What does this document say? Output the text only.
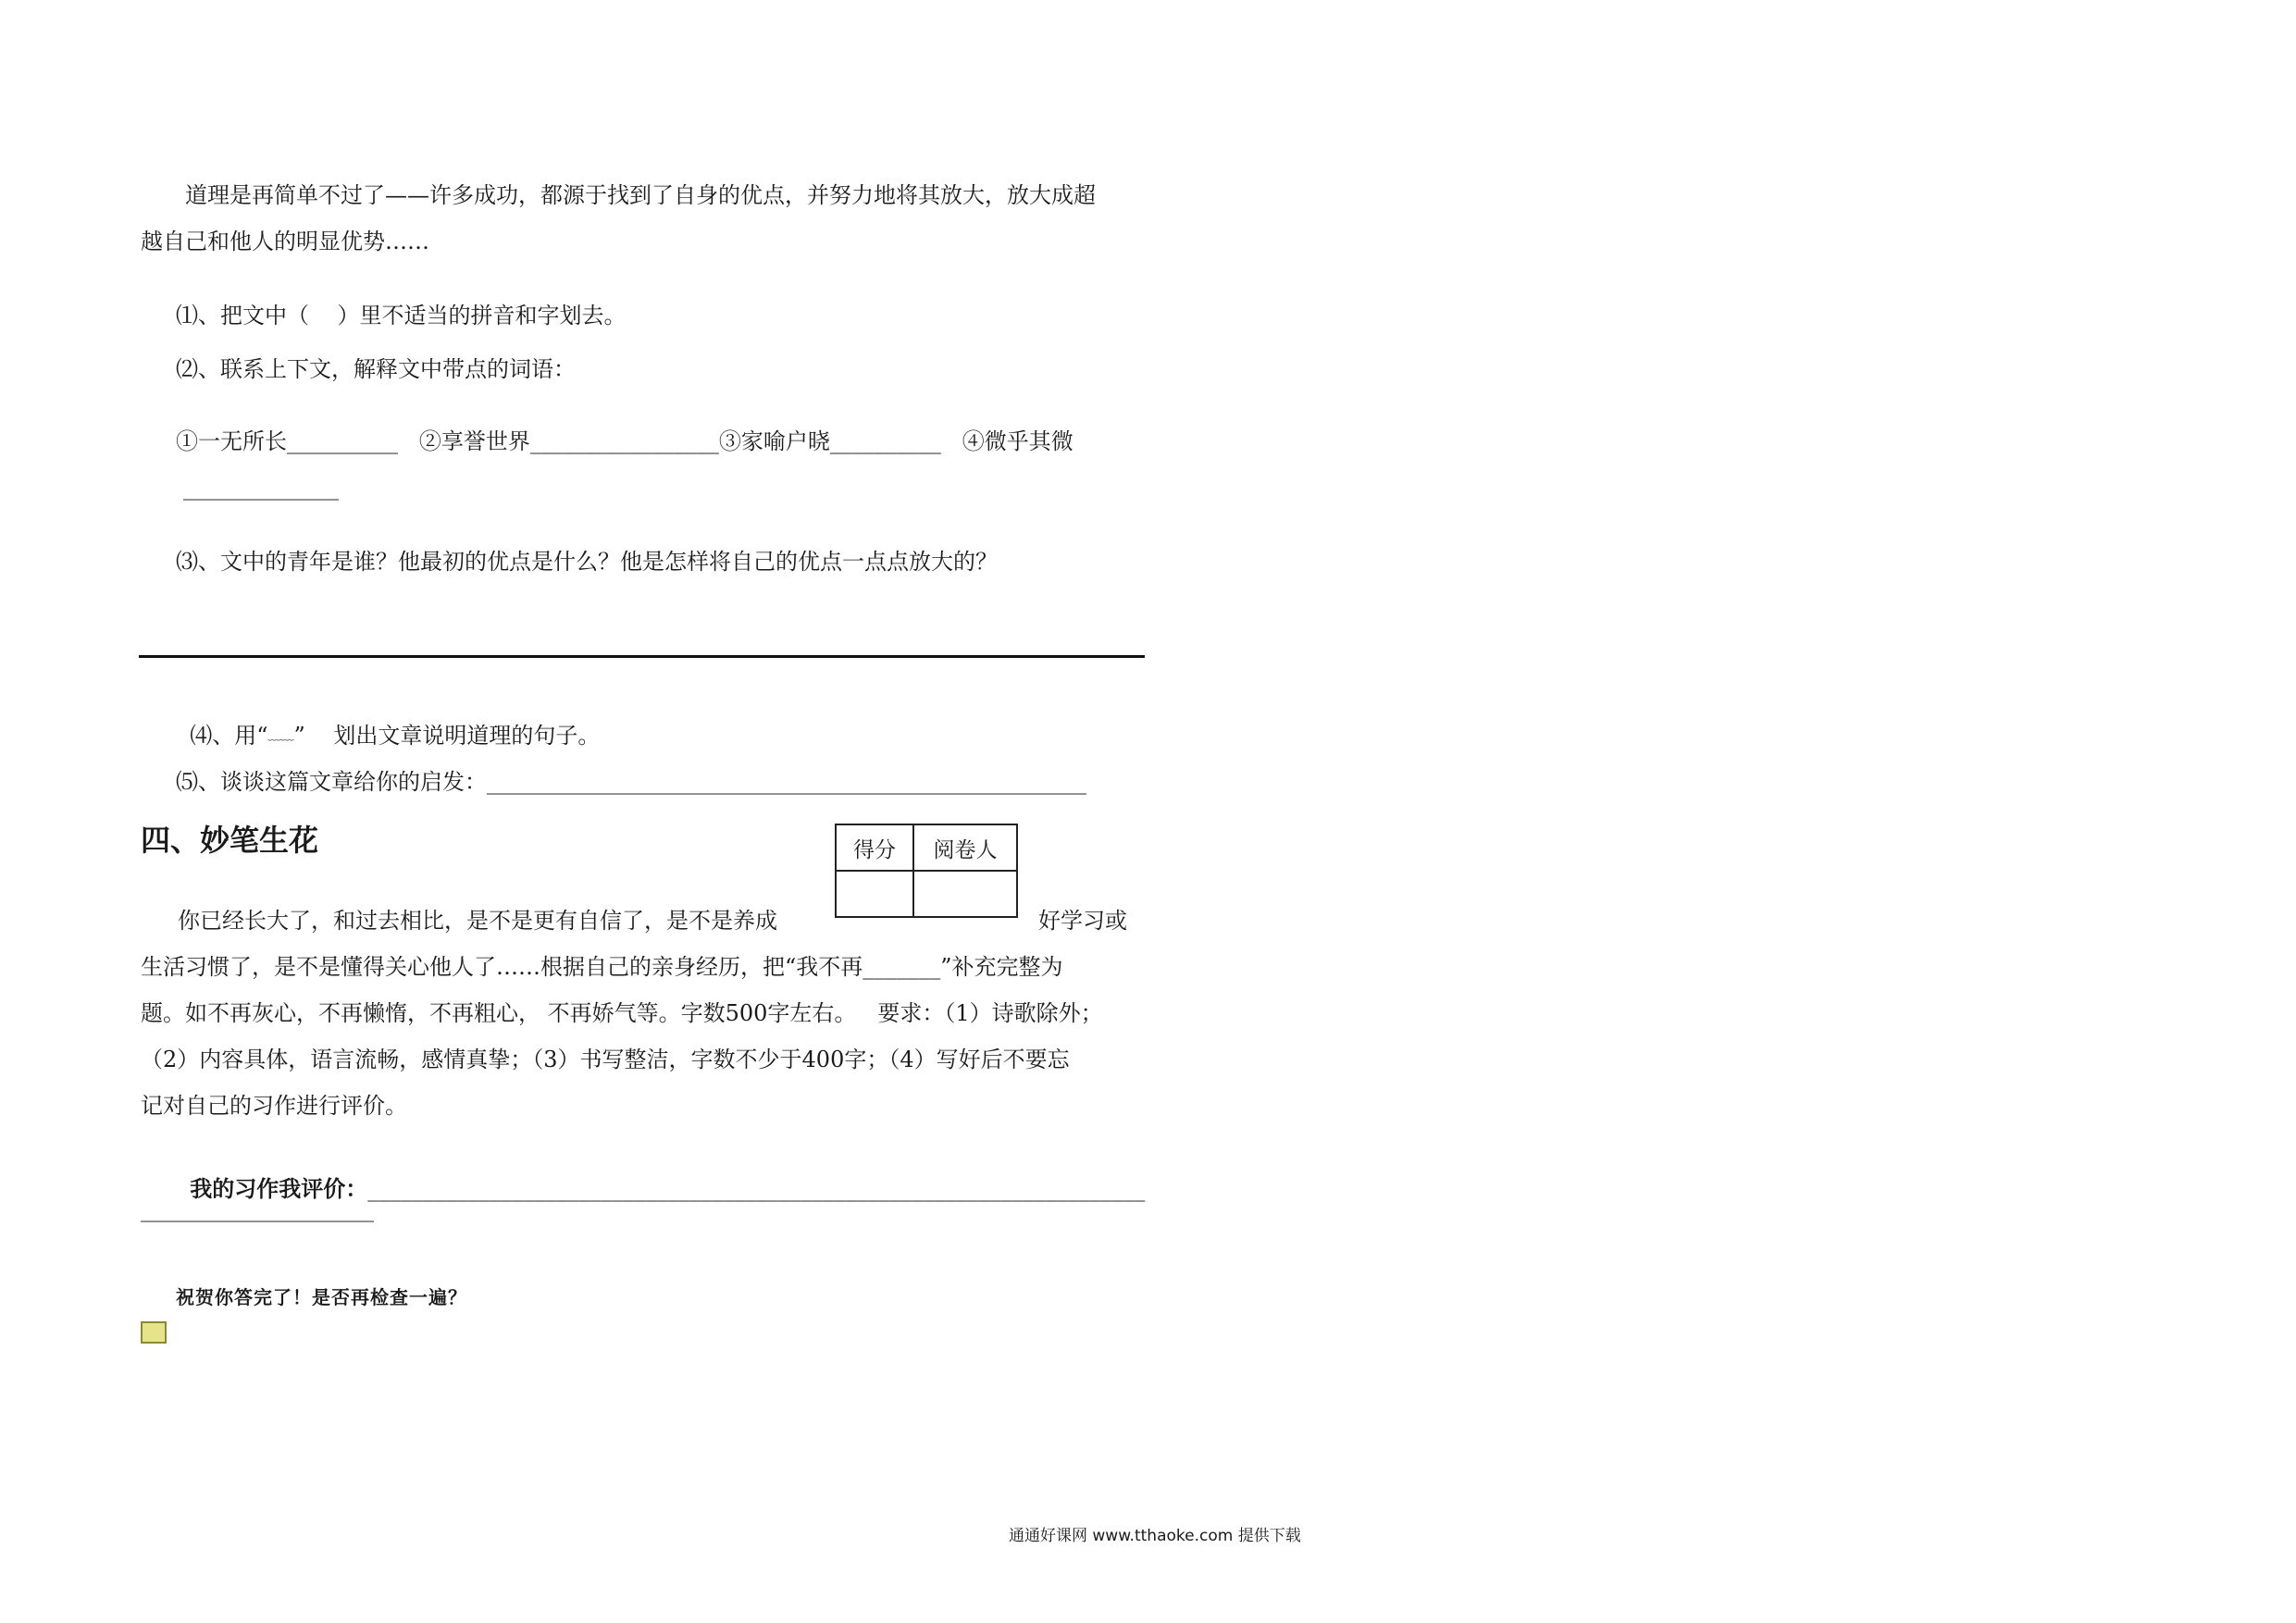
道理是再简单不过了——许多成功，都源于找到了自身的优点，并努力地将其放大，放大成超
越自己和他人的明显优势……
⑴、把文中（    ）里不适当的拼音和字划去。
⑵、联系上下文，解释文中带点的词语：
①一无所长__________   ②享誉世界_________________③家喻户晓__________   ④微乎其微
______________
⑶、文中的青年是谁？他最初的优点是什么？他是怎样将自己的优点一点点放大的？

⑷、用“﹏﹏”    划出文章说明道理的句子。

⑸、谈谈这篇文章给你的启发：______________________________________________________
四、妙笔生花	得分	阅卷人

你已经长大了，和过去相比，是不是更有自信了，是不是养成	好学习或
生活习惯了，是不是懂得关心他人了……根据自己的亲身经历，把“我不再_______”补充完整为
题。如不再灰心，不再懒惰，不再粗心， 不再娇气等。字数500字左右。   要求：（1）诗歌除外；
（2）内容具体，语言流畅，感情真挚；（3）书写整洁，字数不少于400字；（4）写好后不要忘
记对自己的习作进行评价。

我的习作我评价：______________________________________________________________________

_____________________
祝贺你答完了！是否再检查一遍？
通通好课网 www.tthaoke.com 提供下载
